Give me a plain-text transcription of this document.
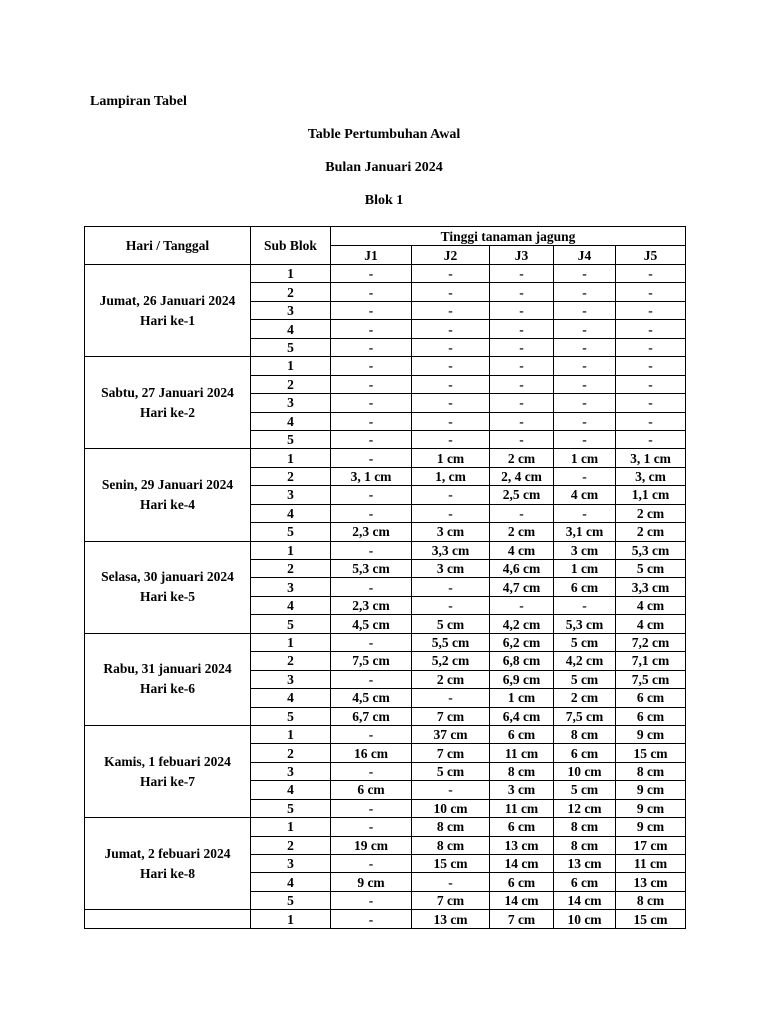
Lampiran Tabel
Table Pertumbuhan Awal
Bulan Januari 2024
Blok 1
Hari / Tanggal	Sub Blok	Tinggi tanaman jagung				
		J1	J2	J3	J4	J5

Jumat, 26 Januari 2024
Hari ke-1	1	-	-	-	-	-
	2	-	-	-	-	-
	3	-	-	-	-	-
	4	-	-	-	-	-
	5	-	-	-	-	-

Sabtu, 27 Januari 2024
Hari ke-2	1	-	-	-	-	-
	2	-	-	-	-	-
	3	-	-	-	-	-
	4	-	-	-	-	-
	5	-	-	-	-	-

Senin, 29 Januari 2024
Hari ke-4	1	-	1 cm	2 cm	1 cm	3, 1 cm
	2	3, 1 cm	1, cm	2, 4 cm	-	3, cm
	3	-	-	2,5 cm	4 cm	1,1 cm
	4	-	-	-	-	2 cm
	5	2,3 cm	3 cm	2 cm	3,1 cm	2 cm

Selasa, 30 januari 2024
Hari ke-5	1	-	3,3 cm	4 cm	3 cm	5,3 cm
	2	5,3 cm	3 cm	4,6 cm	1 cm	5 cm
	3	-	-	4,7 cm	6 cm	3,3 cm
	4	2,3 cm	-	-	-	4 cm
	5	4,5 cm	5 cm	4,2 cm	5,3 cm	4 cm

Rabu, 31 januari 2024
Hari ke-6	1	-	5,5 cm	6,2 cm	5 cm	7,2 cm
	2	7,5 cm	5,2 cm	6,8 cm	4,2 cm	7,1 cm
	3	-	2 cm	6,9 cm	5 cm	7,5 cm
	4	4,5 cm	-	1 cm	2 cm	6 cm
	5	6,7 cm	7 cm	6,4 cm	7,5 cm	6 cm

Kamis, 1 febuari 2024
Hari ke-7	1	-	37 cm	6 cm	8 cm	9 cm
	2	16 cm	7 cm	11 cm	6 cm	15 cm
	3	-	5 cm	8 cm	10 cm	8 cm
	4	6 cm	-	3 cm	5 cm	9 cm
	5	-	10 cm	11 cm	12 cm	9 cm

Jumat, 2 febuari 2024
Hari ke-8	1	-	8 cm	6 cm	8 cm	9 cm
	2	19 cm	8 cm	13 cm	8 cm	17 cm
	3	-	15 cm	14 cm	13 cm	11 cm
	4	9 cm	-	6 cm	6 cm	13 cm
	5	-	7 cm	14 cm	14 cm	8 cm

	1	-	13 cm	7 cm	10 cm	15 cm
